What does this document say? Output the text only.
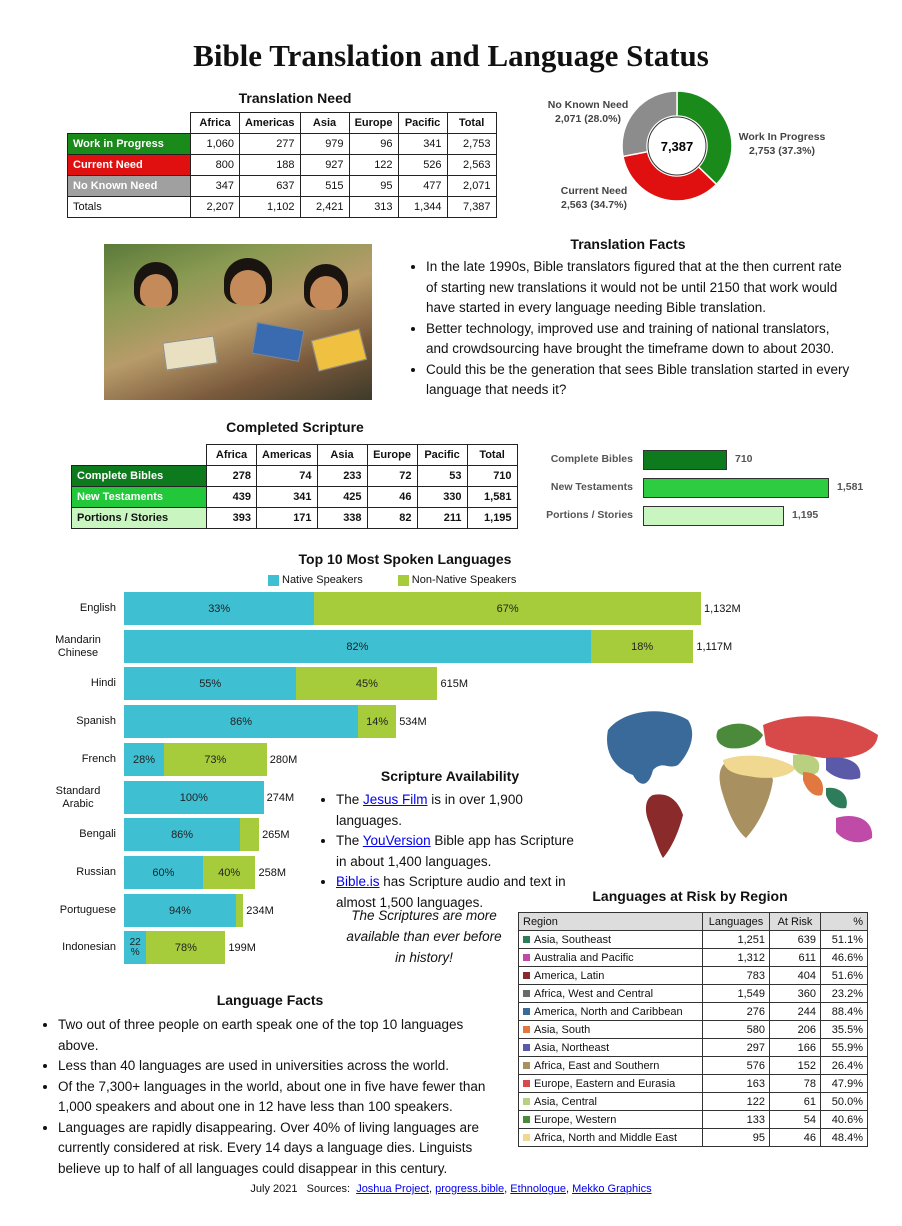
Bible Translation and Language Status
Translation Need
	Africa	Americas	Asia	Europe	Pacific	Total
Work in Progress	1,060	277	979	96	341	2,753
Current Need	800	188	927	122	526	2,563
No Known Need	347	637	515	95	477	2,071
Totals	2,207	1,102	2,421	313	1,344	7,387
7,387
Work In Progress
2,753 (37.3%)
Current Need
2,563 (34.7%)
No Known Need
2,071 (28.0%)
Translation Facts
• In the late 1990s, Bible translators figured that at the then current rate of starting new translations it would not be until 2150 that work would have started in every language needing Bible translation.
• Better technology, improved use and training of national translators, and crowdsourcing have brought the timeframe down to about 2030.
• Could this be the generation that sees Bible translation started in every language that needs it?
Completed Scripture
	Africa	Americas	Asia	Europe	Pacific	Total
Complete Bibles	278	74	233	72	53	710
New Testaments	439	341	425	46	330	1,581
Portions / Stories	393	171	338	82	211	1,195
Complete Bibles	710
New Testaments	1,581
Portions / Stories	1,195
Top 10 Most Spoken Languages
Native Speakers	Non-Native Speakers
English	33%	67%	1,132M
Mandarin Chinese	82%	18%	1,117M
Hindi	55%	45%	615M
Spanish	86%	14%	534M
French	28%	73%	280M
Standard Arabic	100%	274M
Bengali	86%	265M
Russian	60%	40%	258M
Portuguese	94%	234M
Indonesian	22 %	78%	199M
Scripture Availability
• The Jesus Film is in over 1,900 languages.
• The YouVersion Bible app has Scripture in about 1,400 languages.
• Bible.is has Scripture audio and text in almost 1,500 languages.
The Scriptures are more available than ever before in history!
Languages at Risk by Region
Region	Languages	At Risk	%
Asia, Southeast	1,251	639	51.1%
Australia and Pacific	1,312	611	46.6%
America, Latin	783	404	51.6%
Africa, West and Central	1,549	360	23.2%
America, North and Caribbean	276	244	88.4%
Asia, South	580	206	35.5%
Asia, Northeast	297	166	55.9%
Africa, East and Southern	576	152	26.4%
Europe, Eastern and Eurasia	163	78	47.9%
Asia, Central	122	61	50.0%
Europe, Western	133	54	40.6%
Africa, North and Middle East	95	46	48.4%
Language Facts
• Two out of three people on earth speak one of the top 10 languages above.
• Less than 40 languages are used in universities across the world.
• Of the 7,300+ languages in the world, about one in five have fewer than 1,000 speakers and about one in 12 have less than 100 speakers.
• Languages are rapidly disappearing. Over 40% of living languages are currently considered at risk. Every 14 days a language dies. Linguists believe up to half of all languages could disappear in this century.
July 2021   Sources:  Joshua Project, progress.bible, Ethnologue, Mekko Graphics
